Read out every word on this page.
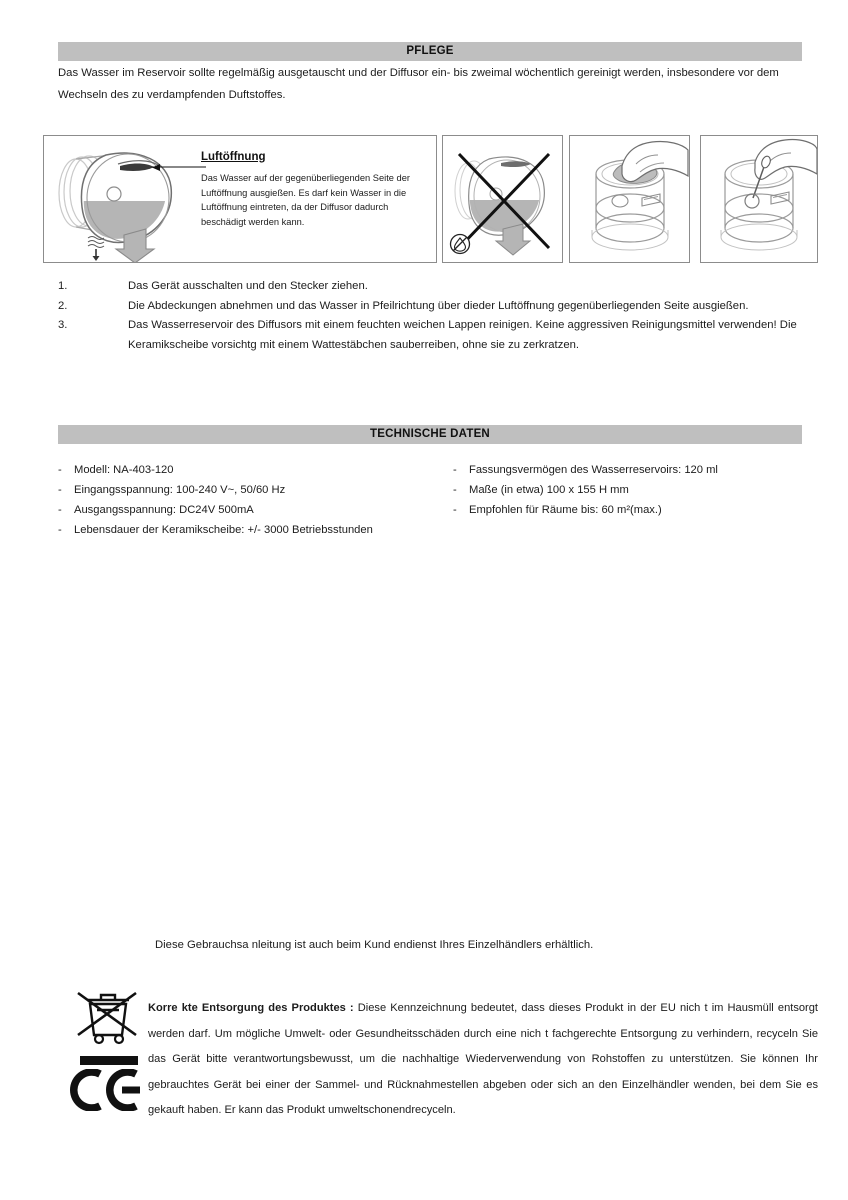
PFLEGE
Das Wasser im Reservoir sollte regelmäßig ausgetauscht und der Diffusor ein- bis zweimal wöchentlich gereinigt werden, insbesondere vor dem Wechseln des zu verdampfenden Duftstoffes.
Luftöffnung
Das Wasser auf der gegenüberliegenden Seite der Luftöffnung ausgießen. Es darf kein Wasser in die Luftöffnung eintreten, da der Diffusor dadurch beschädigt werden kann.
1.	Das Gerät ausschalten und den Stecker ziehen.
2.	Die Abdeckungen abnehmen und das Wasser in Pfeilrichtung über dieder Luftöffnung gegenüberliegenden Seite ausgießen.
3.	Das Wasserreservoir des Diffusors mit einem feuchten weichen Lappen reinigen. Keine aggressiven Reinigungsmittel verwenden! Die Keramikscheibe vorsichtg mit einem Wattestäbchen sauberreiben, ohne sie zu zerkratzen.
TECHNISCHE DATEN
-	Modell: NA-403-120
-	Eingangsspannung: 100-240 V~, 50/60 Hz
-	Ausgangsspannung: DC24V 500mA
-	Lebensdauer der Keramikscheibe: +/- 3000 Betriebsstunden
-	Fassungsvermögen des Wasserreservoirs: 120 ml
-	Maße (in etwa) 100 x 155 H mm
-	Empfohlen für Räume bis: 60 m²(max.)
Diese Gebrauchsa nleitung ist auch beim Kund endienst Ihres Einzelhändlers erhältlich.
Korre kte Entsorgung des Produktes : Diese Kennzeichnung bedeutet, dass dieses Produkt in der EU nich t im Hausmüll entsorgt werden darf. Um mögliche Umwelt- oder Gesundheitsschäden durch eine nich t fachgerechte Entsorgung zu verhindern, recyceln Sie das Gerät bitte verantwortungsbewusst, um die nachhaltige Wiederverwendung von Rohstoffen zu unterstützen. Sie können Ihr gebrauchtes Gerät bei einer der Sammel- und Rücknahmestellen abgeben oder sich an den Einzelhändler wenden, bei dem Sie es gekauft haben. Er kann das Produkt umweltschonendrecyceln.
